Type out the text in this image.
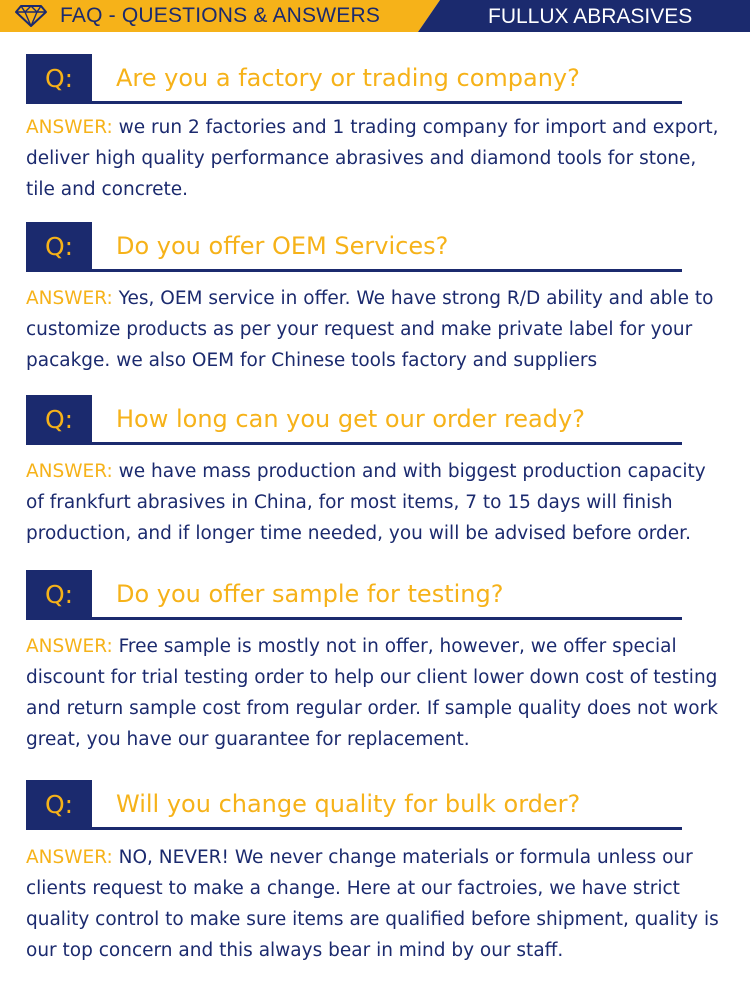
FAQ - QUESTIONS & ANSWERS	FULLUX ABRASIVES
Q:	Are you a factory or trading company?

ANSWER: we run 2 factories and 1 trading company for import and export, deliver high quality performance abrasives and diamond tools for stone, tile and concrete.

Q:	Do you offer OEM Services?

ANSWER: Yes, OEM service in offer. We have strong R/D ability and able to customize products as per your request and make private label for your pacakge. we also OEM for Chinese tools factory and suppliers

Q:	How long can you get our order ready?

ANSWER: we have mass production and with biggest production capacity of frankfurt abrasives in China, for most items, 7 to 15 days will finish production, and if longer time needed, you will be advised before order.

Q:	Do you offer sample for testing?

ANSWER: Free sample is mostly not in offer, however, we offer special discount for trial testing order to help our client lower down cost of testing and return sample cost from regular order. If sample quality does not work great, you have our guarantee for replacement.

Q:	Will you change quality for bulk order?

ANSWER: NO, NEVER! We never change materials or formula unless our clients request to make a change. Here at our factroies, we have strict quality control to make sure items are qualified before shipment, quality is our top concern and this always bear in mind by our staff.
